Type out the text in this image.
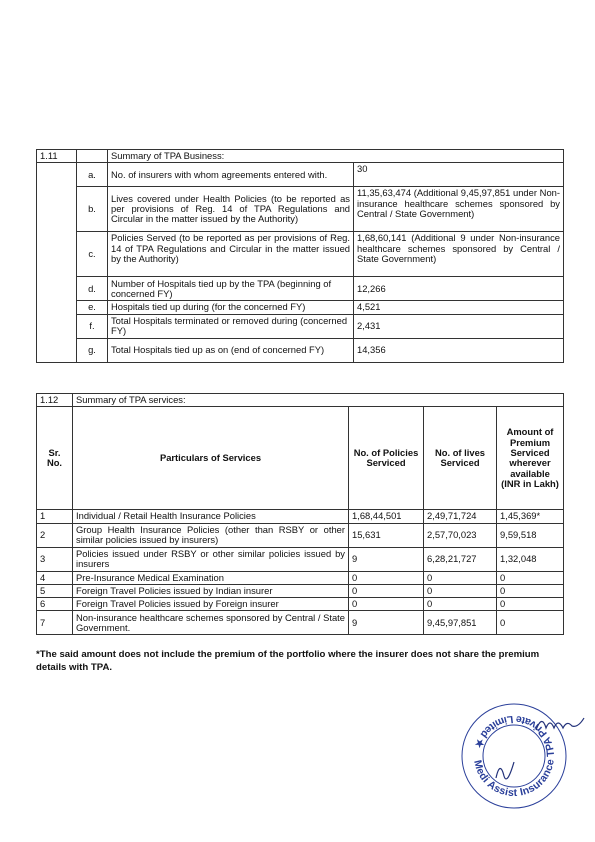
1.11		Summary of TPA Business:	
	a.	No. of insurers with whom agreements entered with.	30
	b.	Lives covered under Health Policies (to be reported as per provisions of Reg. 14 of TPA Regulations and Circular in the matter issued by the Authority)	11,35,63,474 (Additional 9,45,97,851 under Non-insurance healthcare schemes sponsored by Central / State Government)
	c.	Policies Served (to be reported as per provisions of Reg. 14 of TPA Regulations and Circular in the matter issued by the Authority)	1,68,60,141 (Additional 9 under Non-insurance healthcare schemes sponsored by Central / State Government)
	d.	Number of Hospitals tied up by the TPA (beginning of concerned FY)	12,266
	e.	Hospitals tied up during (for the concerned FY)	4,521
	f.	Total Hospitals terminated or removed during (concerned FY)	2,431
	g.	Total Hospitals tied up as on (end of concerned FY)	14,356
1.12	Summary of TPA services:			
Sr. No.	Particulars of Services	No. of Policies Serviced	No. of lives Serviced	Amount of Premium Serviced wherever available (INR in Lakh)
1	Individual / Retail Health Insurance Policies	1,68,44,501	2,49,71,724	1,45,369*
2	Group Health Insurance Policies (other than RSBY or other similar policies issued by insurers)	15,631	2,57,70,023	9,59,518
3	Policies issued under RSBY or other similar policies issued by insurers	9	6,28,21,727	1,32,048
4	Pre-Insurance Medical Examination	0	0	0
5	Foreign Travel Policies issued by Indian insurer	0	0	0
6	Foreign Travel Policies issued by Foreign insurer	0	0	0
7	Non-insurance healthcare schemes sponsored by Central / State Government.	9	9,45,97,851	0

*The said amount does not include the premium of the portfolio where the insurer does not share the premium details with TPA.

Medi Assist Insurance TPA Private Limited ★
